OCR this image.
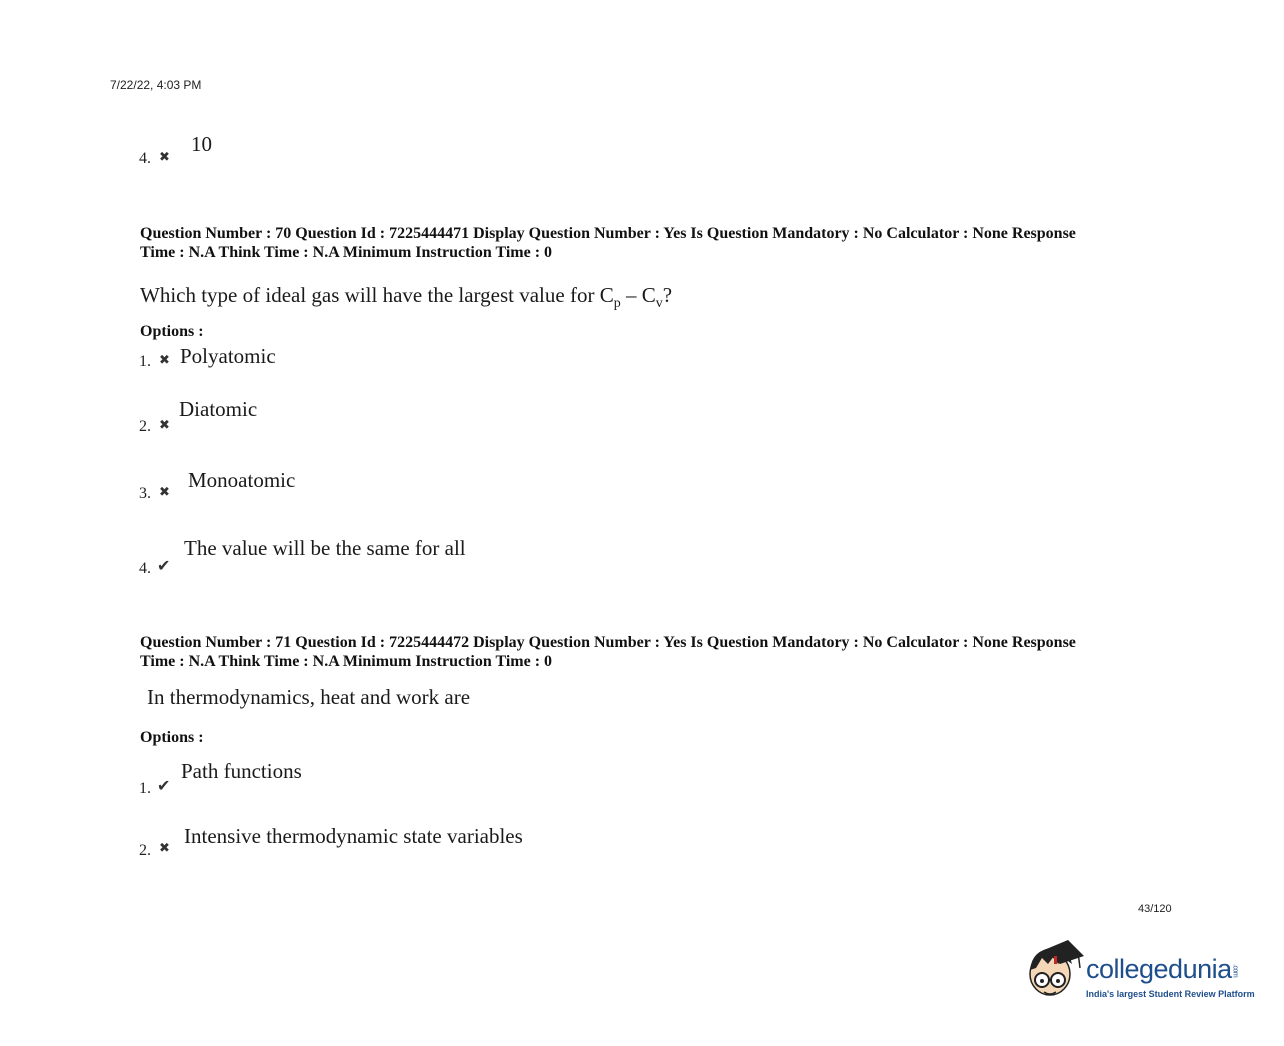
7/22/22, 4:03 PM
4. ✖
10
Question Number : 70 Question Id : 7225444471 Display Question Number : Yes Is Question Mandatory : No Calculator : None Response
Time : N.A Think Time : N.A Minimum Instruction Time : 0
Which type of ideal gas will have the largest value for $C_p - C_v$?
Options :
1. ✖ Polyatomic
2. ✖
Diatomic
3. ✖ Monoatomic
4. ✔
The value will be the same for all
Question Number : 71 Question Id : 7225444472 Display Question Number : Yes Is Question Mandatory : No Calculator : None Response
Time : N.A Think Time : N.A Minimum Instruction Time : 0
In thermodynamics, heat and work are
Options :
1. ✔
Path functions
2. ✖ Intensive thermodynamic state variables
43/120
collegedunia.com
India's largest Student Review Platform
